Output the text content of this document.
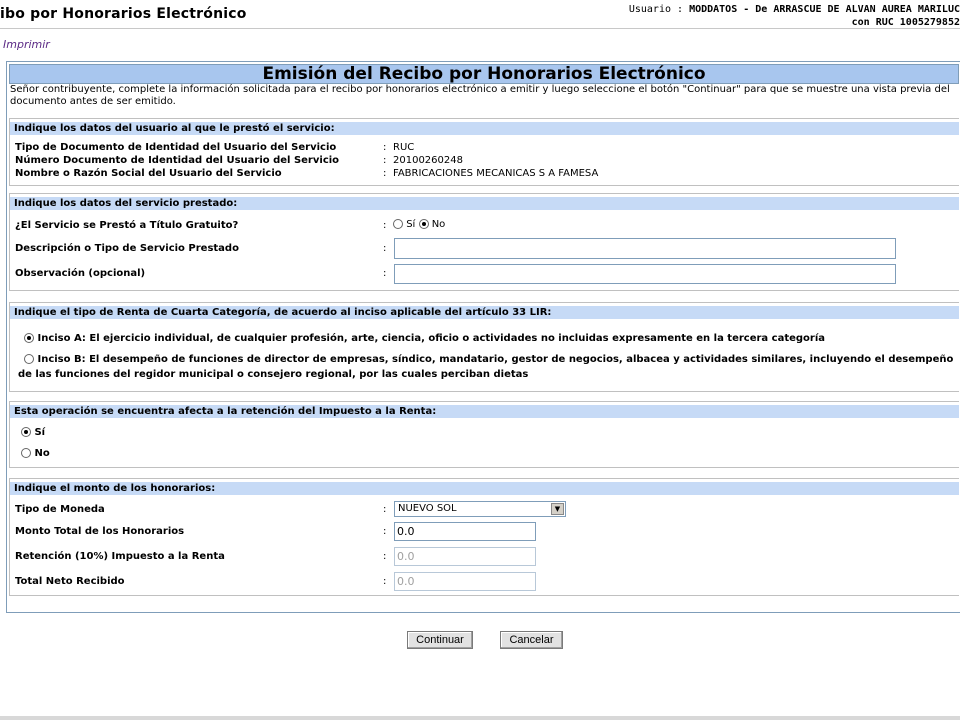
ibo por Honorarios Electrónico	Usuario : MODDATOS - De ARRASCUE DE ALVAN AUREA MARILUC
con RUC 1005279852
Imprimir
Emisión del Recibo por Honorarios Electrónico
Señor contribuyente, complete la información solicitada para el recibo por honorarios electrónico a emitir y luego seleccione el botón "Continuar" para que se muestre una vista previa del documento antes de ser emitido.
Indique los datos del usuario al que le prestó el servicio:
Tipo de Documento de Identidad del Usuario del Servicio	: RUC
Número Documento de Identidad del Usuario del Servicio	: 20100260248
Nombre o Razón Social del Usuario del Servicio	: FABRICACIONES MECANICAS S A FAMESA
Indique los datos del servicio prestado:
¿El Servicio se Prestó a Título Gratuito?	:	Sí No
Descripción o Tipo de Servicio Prestado	:
Observación (opcional)	:
Indique el tipo de Renta de Cuarta Categoría, de acuerdo al inciso aplicable del artículo 33 LIR:
Inciso A: El ejercicio individual, de cualquier profesión, arte, ciencia, oficio o actividades no incluidas expresamente en la tercera categoría
Inciso B: El desempeño de funciones de director de empresas, síndico, mandatario, gestor de negocios, albacea y actividades similares, incluyendo el desempeño
de las funciones del regidor municipal o consejero regional, por las cuales perciban dietas
Esta operación se encuentra afecta a la retención del Impuesto a la Renta:
Sí
No
Indique el monto de los honorarios:
Tipo de Moneda	: NUEVO SOL	▼
Monto Total de los Honorarios	: 0.0
Retención (10%) Impuesto a la Renta	: 0.0
Total Neto Recibido	: 0.0
Continuar	Cancelar
